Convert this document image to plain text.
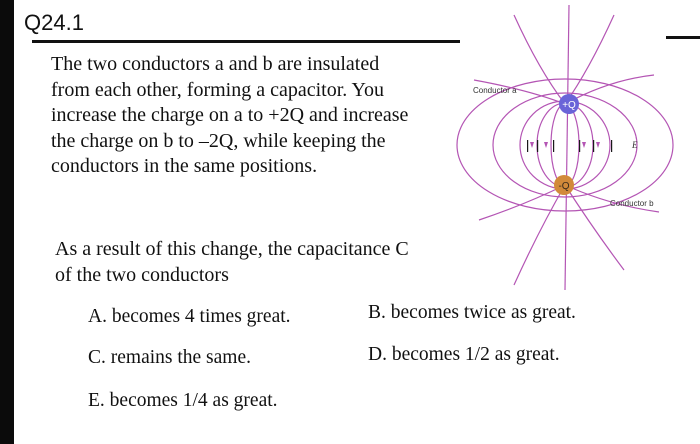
Q24.1
The two conductors a and b are insulated from each other, forming a capacitor. You increase the charge on a to +2Q and increase the charge on b to –2Q, while keeping the conductors in the same positions.
As a result of this change, the capacitance C of the two conductors
A. becomes 4 times great.	B. becomes twice as great.
C. remains the same.	D. becomes 1/2 as great.
E. becomes 1/4 as great.
+Q
-Q
Conductor a
Conductor b
E
